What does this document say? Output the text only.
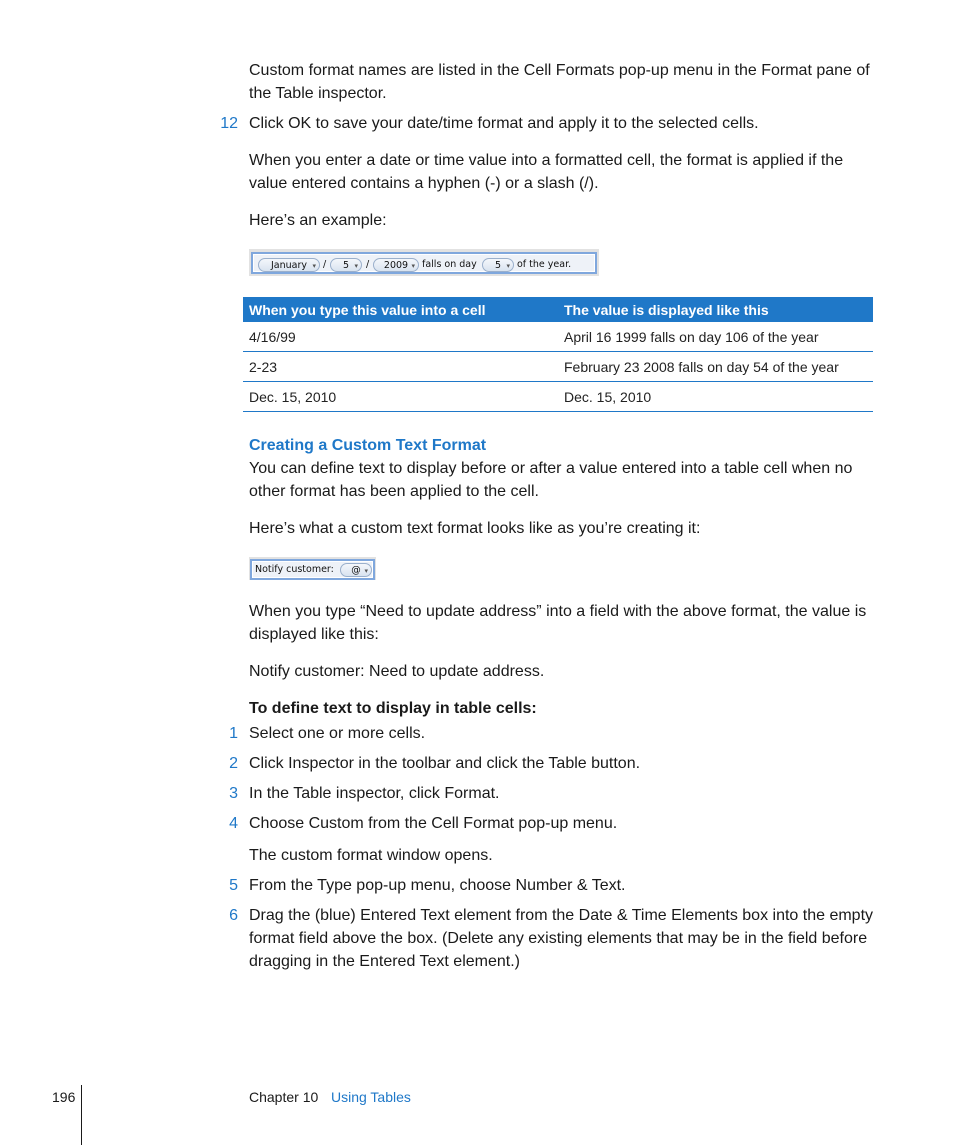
Custom format names are listed in the Cell Formats pop-up menu in the Format pane of the Table inspector.

12 Click OK to save your date/time format and apply it to the selected cells.

When you enter a date or time value into a formatted cell, the format is applied if the value entered contains a hyphen (-) or a slash (/).

Here’s an example:

January ▾ /	5 ▾ /	2009 ▾ falls on day	5 ▾ of the year.
When you type this value into a cell	The value is displayed like this
4/16/99	April 16 1999 falls on day 106 of the year
2-23	February 23 2008 falls on day 54 of the year
Dec. 15, 2010	Dec. 15, 2010
Creating a Custom Text Format

You can define text to display before or after a value entered into a table cell when no other format has been applied to the cell.

Here’s what a custom text format looks like as you’re creating it:

Notify customer:	@ ▾

When you type “Need to update address” into a field with the above format, the value is displayed like this:

Notify customer: Need to update address.

To define text to display in table cells:
1 Select one or more cells.

2 Click Inspector in the toolbar and click the Table button.

3 In the Table inspector, click Format.

4 Choose Custom from the Cell Format pop-up menu.

The custom format window opens.

5 From the Type pop-up menu, choose Number & Text.

6 Drag the (blue) Entered Text element from the Date & Time Elements box into the empty format field above the box. (Delete any existing elements that may be in the field before dragging in the Entered Text element.)

196	Chapter 10 Using Tables
